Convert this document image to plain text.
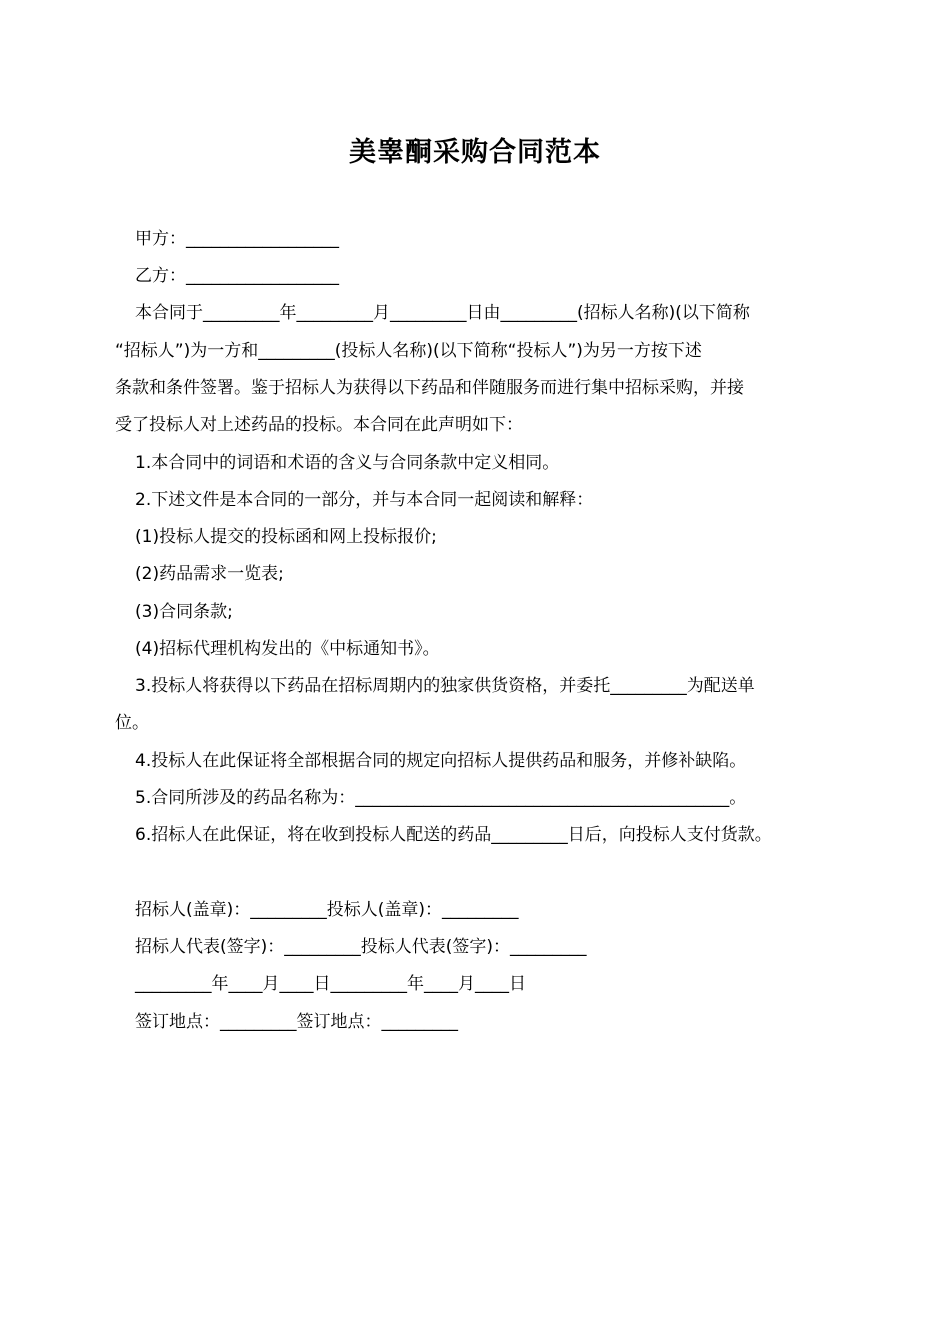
美睾酮采购合同范本

甲方：__________________

乙方：__________________

本合同于_________年_________月_________日由_________(招标人名称)(以下简称

“招标人”)为一方和_________(投标人名称)(以下简称“投标人”)为另一方按下述

条款和条件签署。鉴于招标人为获得以下药品和伴随服务而进行集中招标采购，并接

受了投标人对上述药品的投标。本合同在此声明如下：

1.本合同中的词语和术语的含义与合同条款中定义相同。

2.下述文件是本合同的一部分，并与本合同一起阅读和解释：

(1)投标人提交的投标函和网上投标报价;

(2)药品需求一览表;

(3)合同条款;

(4)招标代理机构发出的《中标通知书》。

3.投标人将获得以下药品在招标周期内的独家供货资格，并委托_________为配送单

位。

4.投标人在此保证将全部根据合同的规定向招标人提供药品和服务，并修补缺陷。

5.合同所涉及的药品名称为：____________________________________________。

6.招标人在此保证，将在收到投标人配送的药品_________日后，向投标人支付货款。

招标人(盖章)：_________投标人(盖章)：_________

招标人代表(签字)：_________投标人代表(签字)：_________

_________年____月____日_________年____月____日

签订地点：_________签订地点：_________
